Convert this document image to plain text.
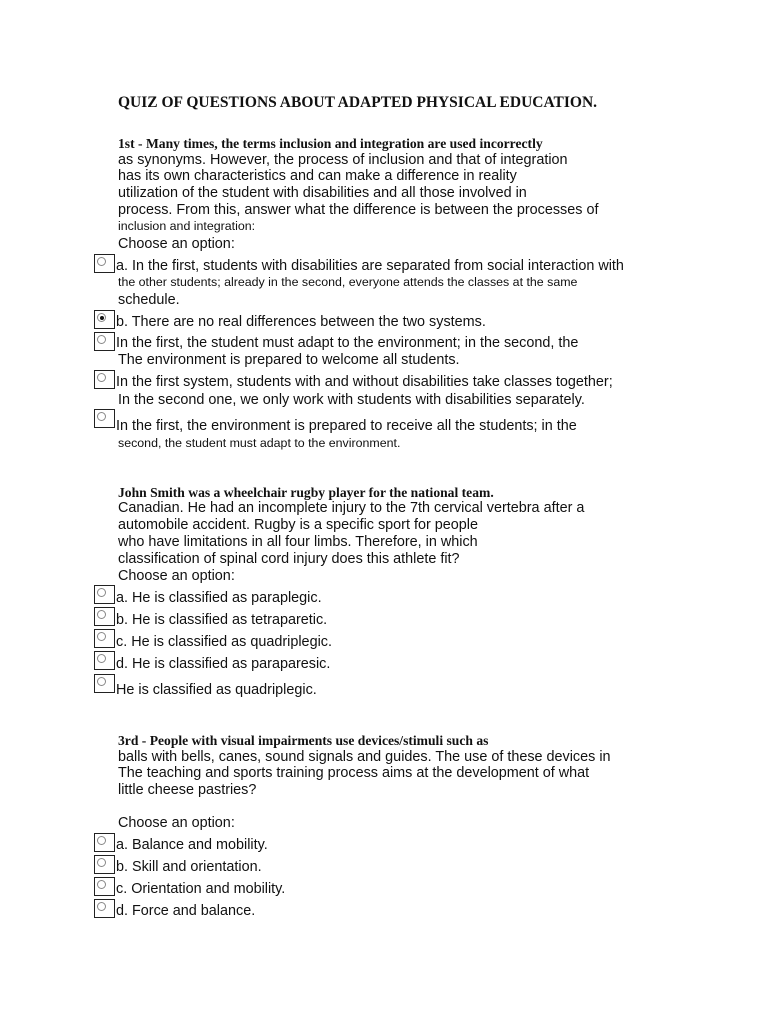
QUIZ OF QUESTIONS ABOUT ADAPTED PHYSICAL EDUCATION.
1st - Many times, the terms inclusion and integration are used incorrectly
as synonyms. However, the process of inclusion and that of integration
has its own characteristics and can make a difference in reality
utilization of the student with disabilities and all those involved in
process. From this, answer what the difference is between the processes of
inclusion and integration:
Choose an option:
a. In the first, students with disabilities are separated from social interaction with
the other students; already in the second, everyone attends the classes at the same
schedule.
b. There are no real differences between the two systems.
In the first, the student must adapt to the environment; in the second, the
The environment is prepared to welcome all students.
In the first system, students with and without disabilities take classes together;
In the second one, we only work with students with disabilities separately.
In the first, the environment is prepared to receive all the students; in the
second, the student must adapt to the environment.
John Smith was a wheelchair rugby player for the national team.
Canadian. He had an incomplete injury to the 7th cervical vertebra after a
automobile accident. Rugby is a specific sport for people
who have limitations in all four limbs. Therefore, in which
classification of spinal cord injury does this athlete fit?
Choose an option:
a. He is classified as paraplegic.
b. He is classified as tetraparetic.
c. He is classified as quadriplegic.
d. He is classified as paraparesic.
He is classified as quadriplegic.
3rd - People with visual impairments use devices/stimuli such as
balls with bells, canes, sound signals and guides. The use of these devices in
The teaching and sports training process aims at the development of what
little cheese pastries?
Choose an option:
a. Balance and mobility.
b. Skill and orientation.
c. Orientation and mobility.
d. Force and balance.
